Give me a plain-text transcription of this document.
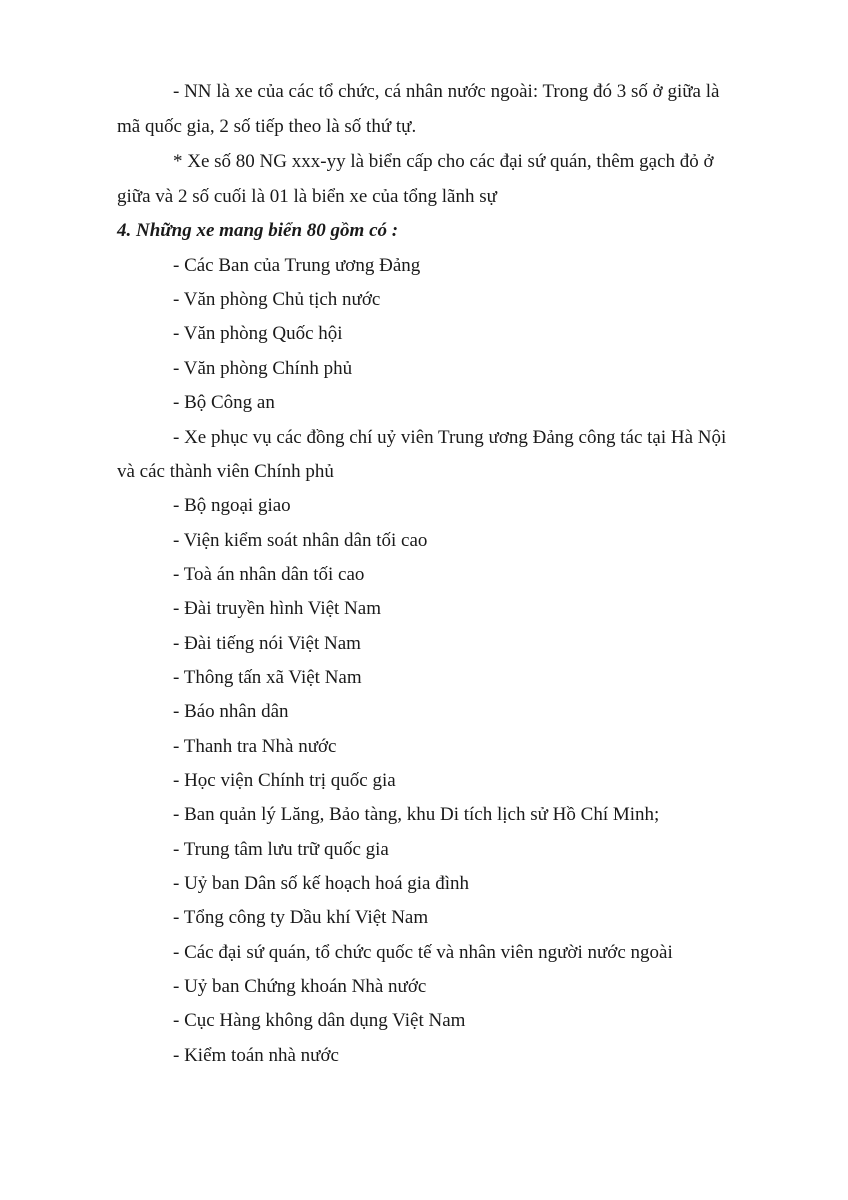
- NN là xe của các tổ chức, cá nhân nước ngoài: Trong đó 3 số ở giữa là
mã quốc gia, 2 số tiếp theo là số thứ tự.
* Xe số 80 NG xxx-yy là biển cấp cho các đại sứ quán, thêm gạch đỏ ở
giữa và 2 số cuối là 01 là biển xe của tổng lãnh sự
4. Những xe mang biển 80 gồm có :
- Các Ban của Trung ương Đảng
- Văn phòng Chủ tịch nước
- Văn phòng Quốc hội
- Văn phòng Chính phủ
- Bộ Công an
- Xe phục vụ các đồng chí uỷ viên Trung ương Đảng công tác tại Hà Nội
và các thành viên Chính phủ
- Bộ ngoại giao
- Viện kiểm soát nhân dân tối cao
- Toà án nhân dân tối cao
- Đài truyền hình Việt Nam
- Đài tiếng nói Việt Nam
- Thông tấn xã Việt Nam
- Báo nhân dân
- Thanh tra Nhà nước
- Học viện Chính trị quốc gia
- Ban quản lý Lăng, Bảo tàng, khu Di tích lịch sử Hồ Chí Minh;
- Trung tâm lưu trữ quốc gia
- Uỷ ban Dân số kế hoạch hoá gia đình
- Tổng công ty Dầu khí Việt Nam
- Các đại sứ quán, tổ chức quốc tế và nhân viên người nước ngoài
- Uỷ ban Chứng khoán Nhà nước
- Cục Hàng không dân dụng Việt Nam
- Kiểm toán nhà nước
